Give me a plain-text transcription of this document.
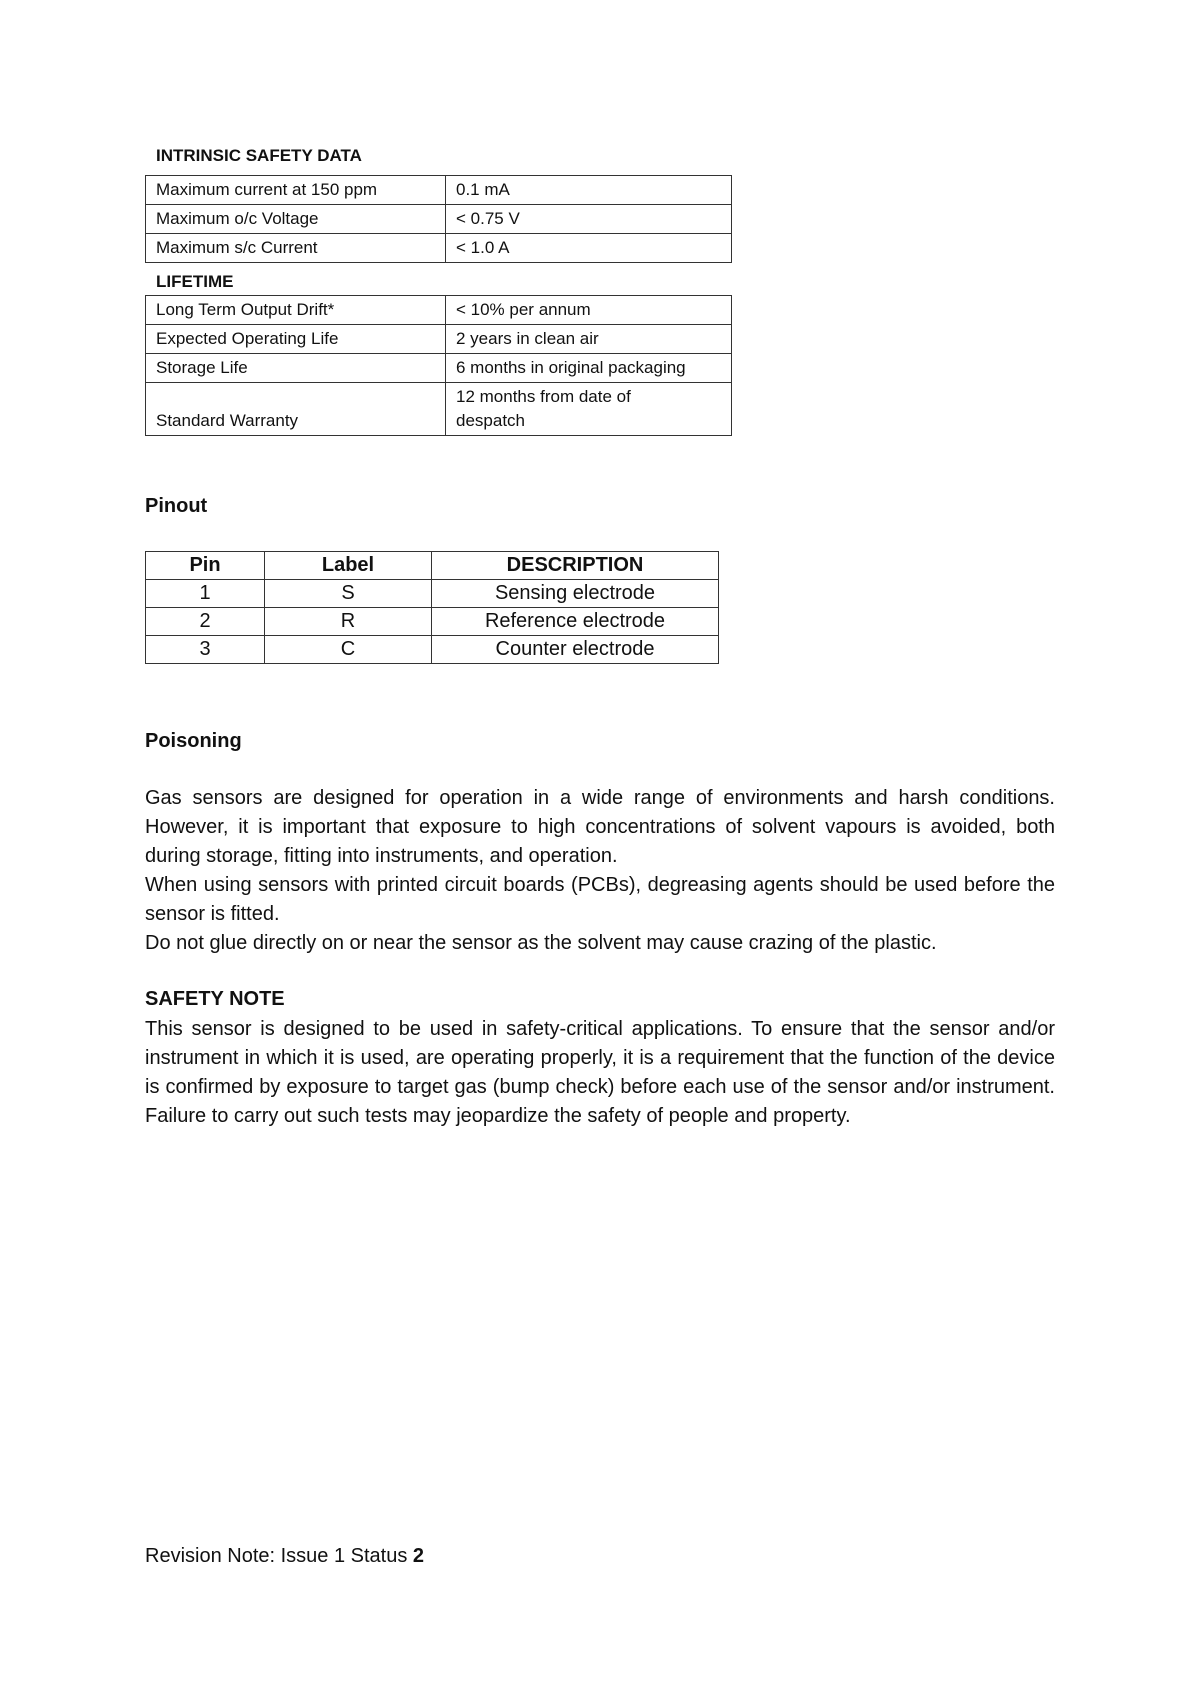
INTRINSIC SAFETY DATA
Maximum current at 150 ppm	0.1 mA
Maximum o/c Voltage	< 0.75 V
Maximum s/c Current	< 1.0 A
LIFETIME
Long Term Output Drift*	< 10% per annum
Expected Operating Life	2 years in clean air
Storage Life	6 months in original packaging
Standard Warranty	12 months from date of
despatch
Pinout
Pin	Label	DESCRIPTION
1	S	Sensing electrode
2	R	Reference electrode
3	C	Counter electrode
Poisoning

Gas sensors are designed for operation in a wide range of environments and harsh conditions. However, it is important that exposure to high concentrations of solvent vapours is avoided, both during storage, fitting into instruments, and operation.

When using sensors with printed circuit boards (PCBs), degreasing agents should be used before the sensor is fitted.

Do not glue directly on or near the sensor as the solvent may cause crazing of the plastic.

SAFETY NOTE

This sensor is designed to be used in safety-critical applications. To ensure that the sensor and/or instrument in which it is used, are operating properly, it is a requirement that the function of the device is confirmed by exposure to target gas (bump check) before each use of the sensor and/or instrument. Failure to carry out such tests may jeopardize the safety of people and property.

Revision Note: Issue 1 Status 2
